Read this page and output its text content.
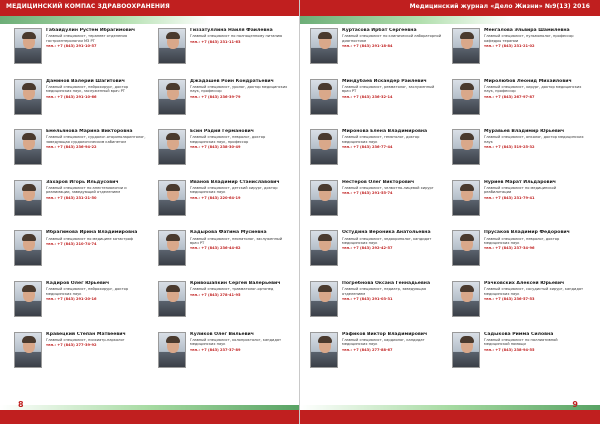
МЕДИЦИНСКИЙ КОМПАС ЗДРАВООХРАНЕНИЯ
Габайдулин Рустем Ибрагимович
Главный специалист, терапевт отделения гастроэнтерологии МЗ РТ
тел.: +7 (843) 291-10-57
Даминов Валерий Шагитович
Главный специалист, нейрохирург, доктор медицинских наук, заслуженный врач РТ
тел.: +7 (843) 291-10-66
Емельянова Марина Викторовна
Главный специалист, сурдолог-оториноларинголог, заведующая сурдологическим кабинетом
тел.: +7 (843) 236-94-22
Захаров Игорь Ильдусович
Главный специалист по анестезиологии и реанимации, заведующий отделением
тел.: +7 (843) 231-21-50
Ибрагимова Ирина Владимировна
Главный специалист по медицине катастроф
тел.: +7 (843) 210-74-74
Кадиров Олег Юрьевич
Главный специалист, нейрохирург, доктор медицинских наук
тел.: +7 (843) 291-20-16
Кравецкий Степан Матвеевич
Главный специалист, психиатр-нарколог
тел.: +7 (843) 277-39-92
Гиззатуллина Наиля Фаилевна
Главный специалист по полноценному питанию
тел.: +7 (843) 231-11-63
Джадашев Роин Кондратьевич
Главный специалист, уролог, доктор медицинских наук, профессор
тел.: +7 (843) 236-39-79
Есин Радий Германович
Главный специалист, невролог, доктор медицинских наук, профессор
тел.: +7 (843) 238-30-49
Иванов Владимир Станиславович
Главный специалист, детский хирург, доктор медицинских наук
тел.: +7 (843) 220-64-19
Кадырова Фатима Мусиевна
Главный специалист, неонатолог, заслуженный врач РТ
тел.: +7 (843) 236-44-62
Кривошапкин Сергей Валерьевич
Главный специалист, травматолог-ортопед
тел.: +7 (843) 278-41-95
Куликов Олег Вильевич
Главный специалист, колопроктолог, кандидат медицинских наук
тел.: +7 (843) 237-37-89
8
Медицинский журнал «Дело Жизни» №9(13) 2016
Куртасова Ирбат Сергеевна
Главный специалист по клинической лабораторной диагностике
тел.: +7 (843) 291-18-84
Миндубаев Искандер Раилевич
Главный специалист, ревматолог, заслуженный врач РТ
тел.: +7 (843) 236-32-14
Миронова Елена Владимировна
Главный специалист, гематолог, доктор медицинских наук
тел.: +7 (843) 236-77-44
Нестеров Олег Викторович
Главный специалист, челюстно-лицевой хирург
тел.: +7 (843) 291-55-74
Остудина Вероника Анатольевна
Главный специалист, эндокринолог, кандидат медицинских наук
тел.: +7 (843) 292-42-57
Погребнова Оксана Геннадьевна
Главный специалист, педиатр, заведующая отделением
тел.: +7 (843) 291-03-31
Рафиков Виктор Владимирович
Главный специалист, кардиолог, кандидат медицинских наук
тел.: +7 (843) 277-88-67
Менгалова Эльвира Шамилевна
Главный специалист, пульмонолог, профессор кафедры терапии
тел.: +7 (843) 231-21-02
Миролюбов Леонид Михайлович
Главный специалист, хирург, доктор медицинских наук, профессор
тел.: +7 (843) 267-97-87
Муравьев Владимир Юрьевич
Главный специалист, онколог, доктор медицинских наук
тел.: +7 (843) 519-25-32
Нуриев Марат Ильдарович
Главный специалист по медицинской реабилитации
тел.: +7 (843) 231-79-41
Прусаков Владимир Федорович
Главный специалист, невролог, доктор медицинских наук
тел.: +7 (843) 237-34-96
Рачковских Алексей Юрьевич
Главный специалист, сосудистый хирург, кандидат медицинских наук
тел.: +7 (843) 236-57-53
Садыкова Римма Силовна
Главный специалист по паллиативной медицинской помощи
тел.: +7 (843) 238-94-55
9
